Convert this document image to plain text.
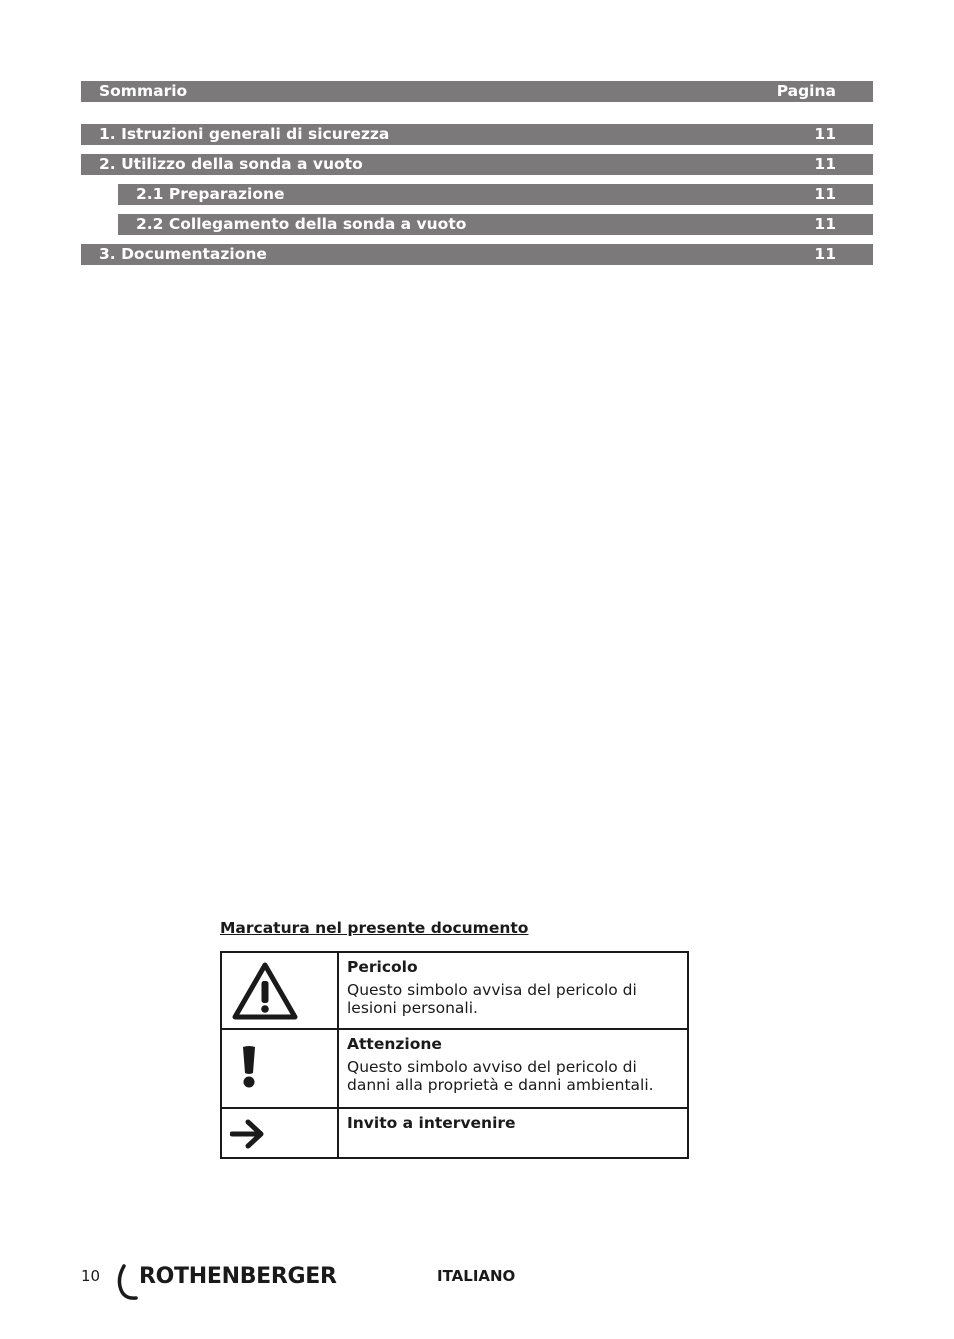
Sommario	Pagina
1. Istruzioni generali di sicurezza	11
2. Utilizzo della sonda a vuoto	11
2.1 Preparazione	11
2.2 Collegamento della sonda a vuoto	11
3. Documentazione	11
Marcatura nel presente documento

Pericolo
Questo simbolo avvisa del pericolo di lesioni personali.

Attenzione
Questo simbolo avviso del pericolo di danni alla proprietà e danni ambientali.

Invito a intervenire
10 ROTHENBERGER	ITALIANO
